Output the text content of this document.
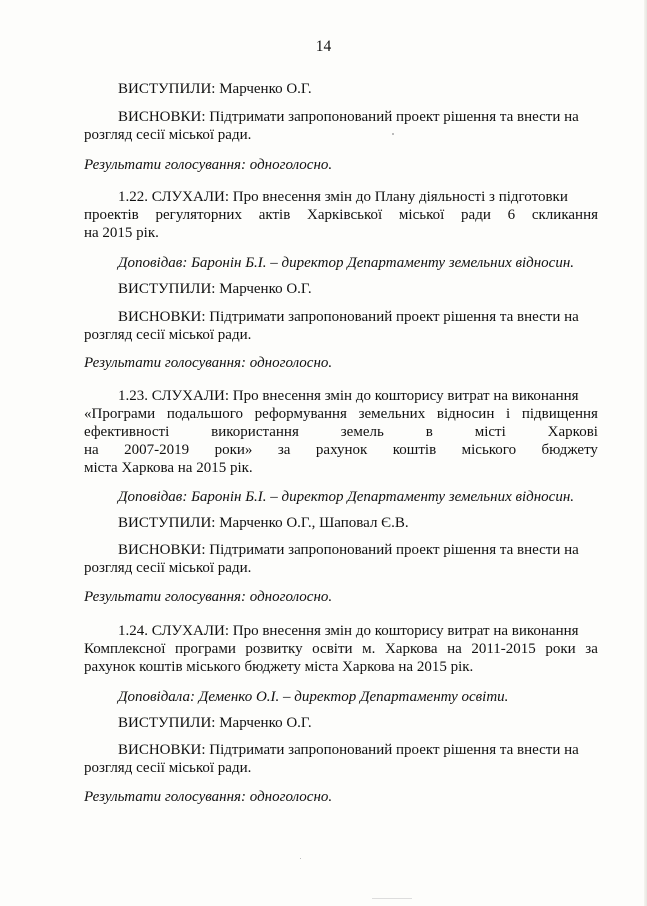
14
ВИСТУПИЛИ: Марченко О.Г.
ВИСНОВКИ: Підтримати запропонований проект рішення та внести на
розгляд сесії міської ради.
Результати голосування: одноголосно.
1.22. СЛУХАЛИ: Про внесення змін до Плану діяльності з підготовки
проектів регуляторних актів Харківської міської ради 6 скликання
на 2015 рік.
Доповідав: Баронін Б.І. – директор Департаменту земельних відносин.
ВИСТУПИЛИ: Марченко О.Г.
ВИСНОВКИ: Підтримати запропонований проект рішення та внести на
розгляд сесії міської ради.
Результати голосування: одноголосно.
1.23. СЛУХАЛИ: Про внесення змін до кошторису витрат на виконання
«Програми подальшого реформування земельних відносин і підвищення
ефективності	використання	земель	в	місті	Харкові
на 2007-2019 роки» за рахунок коштів міського бюджету
міста Харкова на 2015 рік.
Доповідав: Баронін Б.І. – директор Департаменту земельних відносин.
ВИСТУПИЛИ: Марченко О.Г., Шаповал Є.В.
ВИСНОВКИ: Підтримати запропонований проект рішення та внести на
розгляд сесії міської ради.
Результати голосування: одноголосно.
1.24. СЛУХАЛИ: Про внесення змін до кошторису витрат на виконання
Комплексної програми розвитку освіти м. Харкова на 2011-2015 роки за
рахунок коштів міського бюджету міста Харкова на 2015 рік.
Доповідала: Деменко О.І. – директор Департаменту освіти.
ВИСТУПИЛИ: Марченко О.Г.
ВИСНОВКИ: Підтримати запропонований проект рішення та внести на
розгляд сесії міської ради.
Результати голосування: одноголосно.
